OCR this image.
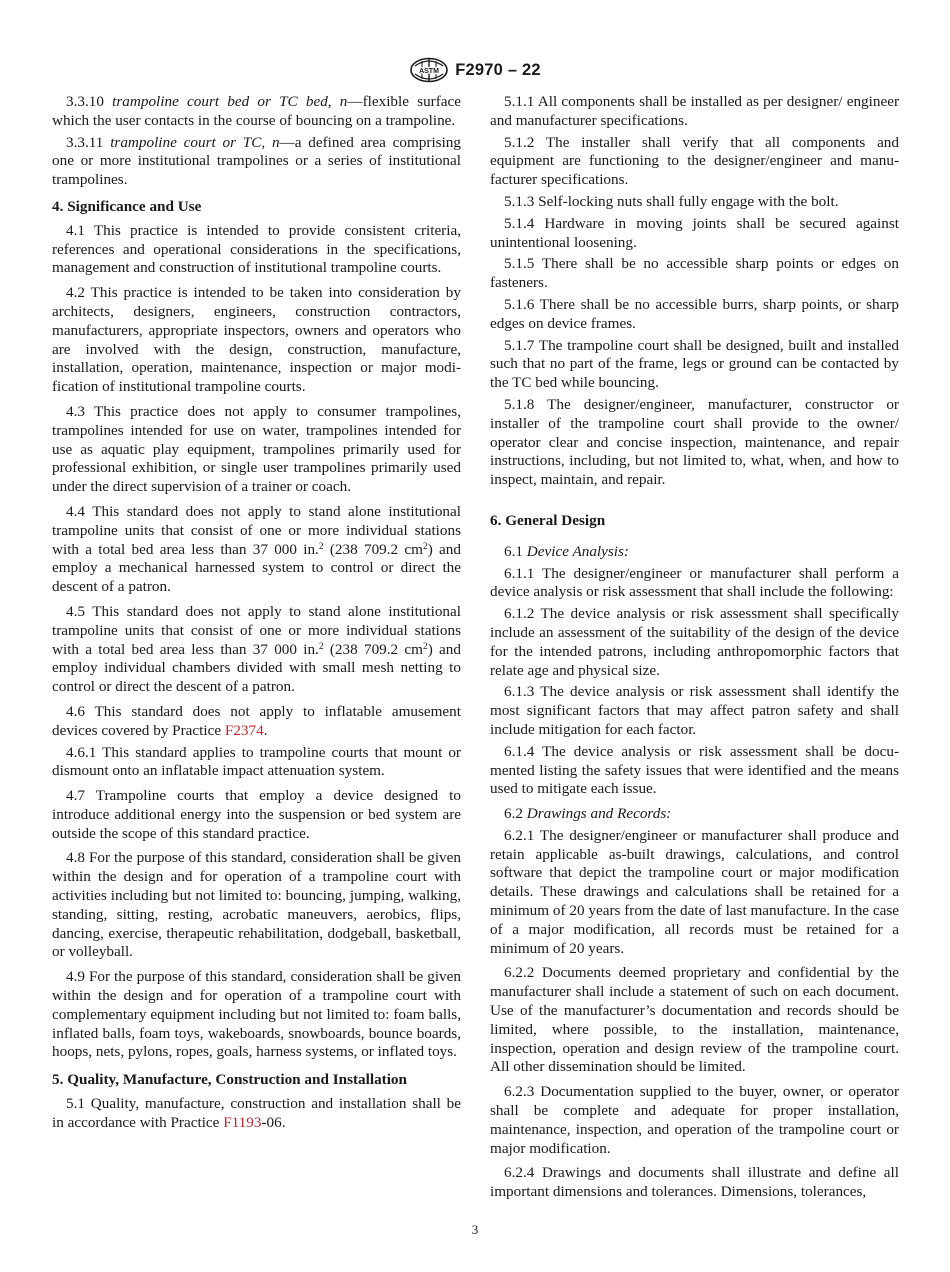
ASTM F2970 – 22

3.3.10 trampoline court bed or TC bed, n—flexible surface which the user contacts in the course of bouncing on a trampoline.

3.3.11 trampoline court or TC, n—a defined area comprising one or more institutional trampolines or a series of institutional trampolines.

4. Significance and Use

4.1 This practice is intended to provide consistent criteria, references and operational considerations in the specifications, management and construction of institutional trampoline courts.

4.2 This practice is intended to be taken into consideration by architects, designers, engineers, construction contractors, manufacturers, appropriate inspectors, owners and operators who are involved with the design, construction, manufacture, installation, operation, maintenance, inspection or major modification of institutional trampoline courts.

4.3 This practice does not apply to consumer trampolines, trampolines intended for use on water, trampolines intended for use as aquatic play equipment, trampolines primarily used for professional exhibition, or single user trampolines primarily used under the direct supervision of a trainer or coach.

4.4 This standard does not apply to stand alone institutional trampoline units that consist of one or more individual stations with a total bed area less than 37 000 in.$^2$ (238 709.2 $cm^2$) and employ a mechanical harnessed system to control or direct the descent of a patron.

4.5 This standard does not apply to stand alone institutional trampoline units that consist of one or more individual stations with a total bed area less than 37 000 in.$^2$ (238 709.2 $cm^2$) and employ individual chambers divided with small mesh netting to control or direct the descent of a patron.

4.6 This standard does not apply to inflatable amusement devices covered by Practice F2374.

4.6.1 This standard applies to trampoline courts that mount or dismount onto an inflatable impact attenuation system.

4.7 Trampoline courts that employ a device designed to introduce additional energy into the suspension or bed system are outside the scope of this standard practice.

4.8 For the purpose of this standard, consideration shall be given within the design and for operation of a trampoline court with activities including but not limited to: bouncing, jumping, walking, standing, sitting, resting, acrobatic maneuvers, aerobics, flips, dancing, exercise, therapeutic rehabilitation, dodgeball, basketball, or volleyball.

4.9 For the purpose of this standard, consideration shall be given within the design and for operation of a trampoline court with complementary equipment including but not limited to: foam balls, inflated balls, foam toys, wakeboards, snowboards, bounce boards, hoops, nets, pylons, ropes, goals, harness systems, or inflated toys.

5. Quality, Manufacture, Construction and Installation

5.1 Quality, manufacture, construction and installation shall be in accordance with Practice F1193-06.

5.1.1 All components shall be installed as per designer/ engineer and manufacturer specifications.

5.1.2 The installer shall verify that all components and equipment are functioning to the designer/engineer and manufacturer specifications.

5.1.3 Self-locking nuts shall fully engage with the bolt.

5.1.4 Hardware in moving joints shall be secured against unintentional loosening.

5.1.5 There shall be no accessible sharp points or edges on fasteners.

5.1.6 There shall be no accessible burrs, sharp points, or sharp edges on device frames.

5.1.7 The trampoline court shall be designed, built and installed such that no part of the frame, legs or ground can be contacted by the TC bed while bouncing.

5.1.8 The designer/engineer, manufacturer, constructor or installer of the trampoline court shall provide to the owner/ operator clear and concise inspection, maintenance, and repair instructions, including, but not limited to, what, when, and how to inspect, maintain, and repair.

6. General Design

6.1 Device Analysis:

6.1.1 The designer/engineer or manufacturer shall perform a device analysis or risk assessment that shall include the following:

6.1.2 The device analysis or risk assessment shall specifically include an assessment of the suitability of the design of the device for the intended patrons, including anthropomorphic factors that relate age and physical size.

6.1.3 The device analysis or risk assessment shall identify the most significant factors that may affect patron safety and shall include mitigation for each factor.

6.1.4 The device analysis or risk assessment shall be documented listing the safety issues that were identified and the means used to mitigate each issue.

6.2 Drawings and Records:

6.2.1 The designer/engineer or manufacturer shall produce and retain applicable as-built drawings, calculations, and control software that depict the trampoline court or major modification details. These drawings and calculations shall be retained for a minimum of 20 years from the date of last manufacture. In the case of a major modification, all records must be retained for a minimum of 20 years.

6.2.2 Documents deemed proprietary and confidential by the manufacturer shall include a statement of such on each document. Use of the manufacturer’s documentation and records should be limited, where possible, to the installation, maintenance, inspection, operation and design review of the trampoline court. All other dissemination should be limited.

6.2.3 Documentation supplied to the buyer, owner, or operator shall be complete and adequate for proper installation, maintenance, inspection, and operation of the trampoline court or major modification.

6.2.4 Drawings and documents shall illustrate and define all important dimensions and tolerances. Dimensions, tolerances,

3
